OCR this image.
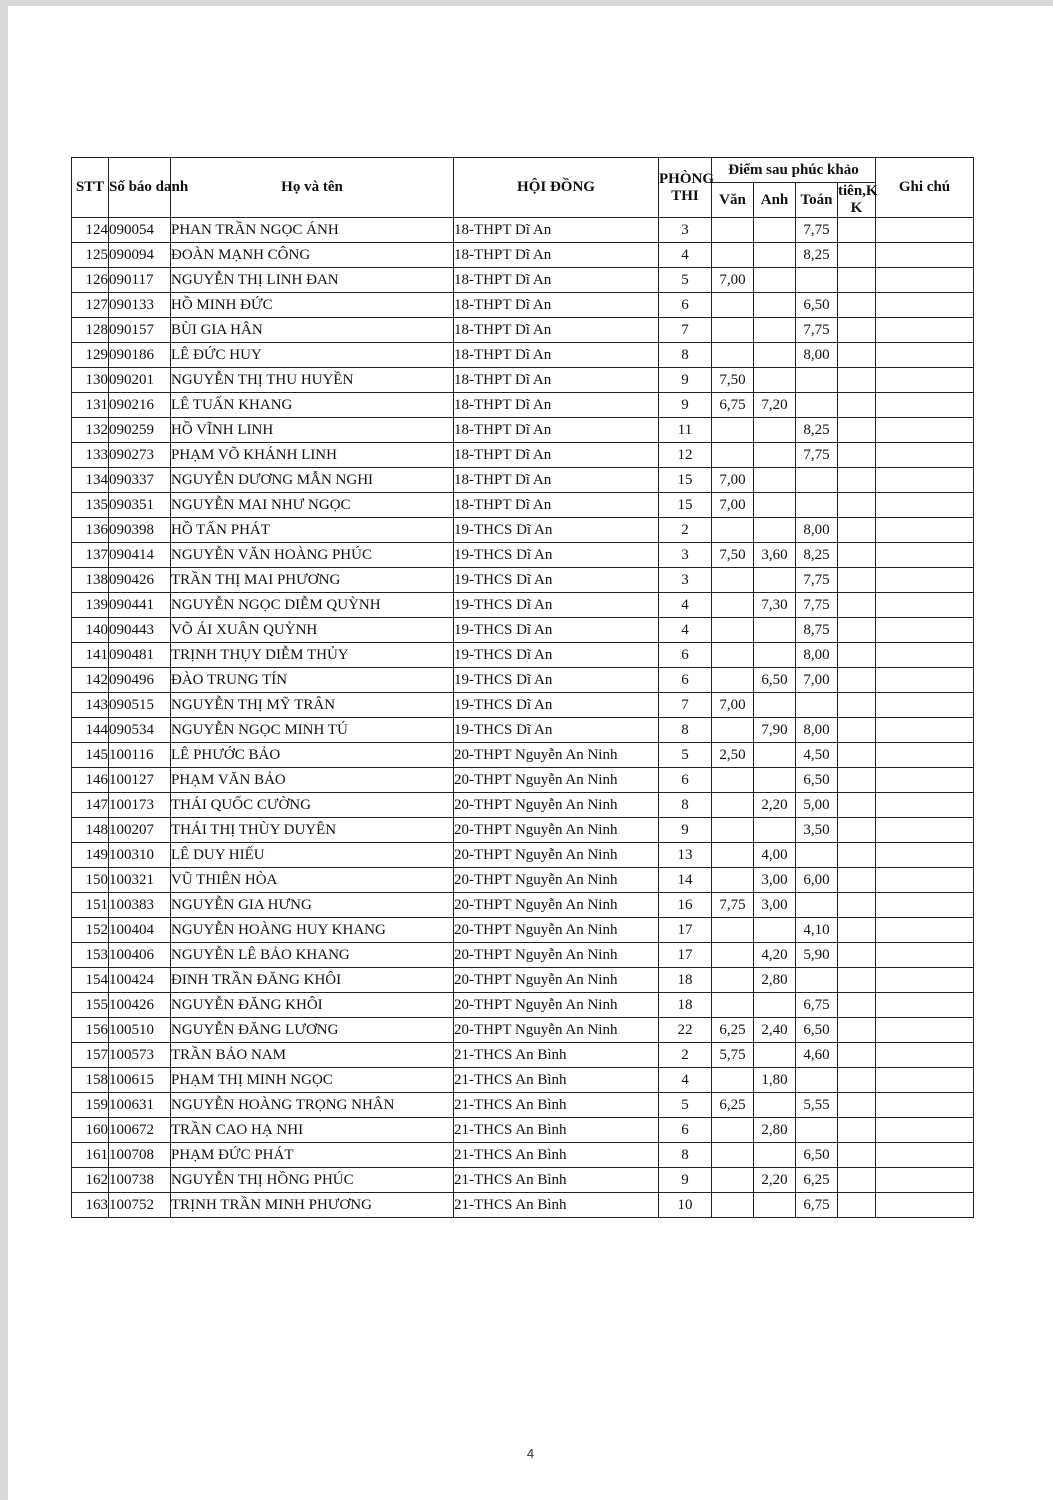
STT	Số báo danh	Họ và tên	HỘI ĐỒNG	PHÒNG THI	Điểm sau phúc khảo				Ghi chú
					Văn	Anh	Toán	tiên,K K	
124	090054	PHAN TRẦN NGỌC ÁNH	18-THPT Dĩ An	3			7,75		
125	090094	ĐOÀN MẠNH CÔNG	18-THPT Dĩ An	4			8,25		
126	090117	NGUYỄN THỊ LINH ĐAN	18-THPT Dĩ An	5	7,00				
127	090133	HỒ MINH ĐỨC	18-THPT Dĩ An	6			6,50		
128	090157	BÙI GIA HÂN	18-THPT Dĩ An	7			7,75		
129	090186	LÊ ĐỨC HUY	18-THPT Dĩ An	8			8,00		
130	090201	NGUYỄN THỊ THU HUYỀN	18-THPT Dĩ An	9	7,50				
131	090216	LÊ TUẤN KHANG	18-THPT Dĩ An	9	6,75	7,20			
132	090259	HỒ VĨNH LINH	18-THPT Dĩ An	11			8,25		
133	090273	PHẠM VÕ KHÁNH LINH	18-THPT Dĩ An	12			7,75		
134	090337	NGUYỄN DƯƠNG MẪN NGHI	18-THPT Dĩ An	15	7,00				
135	090351	NGUYỄN MAI NHƯ NGỌC	18-THPT Dĩ An	15	7,00				
136	090398	HỒ TẤN PHÁT	19-THCS Dĩ An	2			8,00		
137	090414	NGUYỄN VĂN HOÀNG PHÚC	19-THCS Dĩ An	3	7,50	3,60	8,25		
138	090426	TRẦN THỊ MAI PHƯƠNG	19-THCS Dĩ An	3			7,75		
139	090441	NGUYỄN NGỌC DIỄM QUỲNH	19-THCS Dĩ An	4		7,30	7,75		
140	090443	VÕ ÁI XUÂN QUỲNH	19-THCS Dĩ An	4			8,75		
141	090481	TRỊNH THỤY DIỄM THỦY	19-THCS Dĩ An	6			8,00		
142	090496	ĐÀO TRUNG TÍN	19-THCS Dĩ An	6		6,50	7,00		
143	090515	NGUYỄN THỊ MỸ TRÂN	19-THCS Dĩ An	7	7,00				
144	090534	NGUYỄN NGỌC MINH TÚ	19-THCS Dĩ An	8		7,90	8,00		
145	100116	LÊ PHƯỚC BẢO	20-THPT Nguyễn An Ninh	5	2,50		4,50		
146	100127	PHẠM VĂN BẢO	20-THPT Nguyễn An Ninh	6			6,50		
147	100173	THÁI QUỐC CƯỜNG	20-THPT Nguyễn An Ninh	8		2,20	5,00		
148	100207	THÁI THỊ THÙY DUYÊN	20-THPT Nguyễn An Ninh	9			3,50		
149	100310	LÊ DUY HIẾU	20-THPT Nguyễn An Ninh	13		4,00			
150	100321	VŨ THIÊN HÒA	20-THPT Nguyễn An Ninh	14		3,00	6,00		
151	100383	NGUYỄN GIA HƯNG	20-THPT Nguyễn An Ninh	16	7,75	3,00			
152	100404	NGUYỄN HOÀNG HUY KHANG	20-THPT Nguyễn An Ninh	17			4,10		
153	100406	NGUYỄN LÊ BẢO KHANG	20-THPT Nguyễn An Ninh	17		4,20	5,90		
154	100424	ĐINH TRẦN ĐĂNG KHÔI	20-THPT Nguyễn An Ninh	18		2,80			
155	100426	NGUYỄN ĐĂNG KHÔI	20-THPT Nguyễn An Ninh	18			6,75		
156	100510	NGUYỄN ĐĂNG LƯƠNG	20-THPT Nguyễn An Ninh	22	6,25	2,40	6,50		
157	100573	TRẦN BẢO NAM	21-THCS An Bình	2	5,75		4,60		
158	100615	PHẠM THỊ MINH NGỌC	21-THCS An Bình	4		1,80			
159	100631	NGUYỄN HOÀNG TRỌNG NHÂN	21-THCS An Bình	5	6,25		5,55		
160	100672	TRẦN CAO HẠ NHI	21-THCS An Bình	6		2,80			
161	100708	PHẠM ĐỨC PHÁT	21-THCS An Bình	8			6,50		
162	100738	NGUYỄN THỊ HỒNG PHÚC	21-THCS An Bình	9		2,20	6,25		
163	100752	TRỊNH TRẦN MINH PHƯƠNG	21-THCS An Bình	10			6,75		
4
